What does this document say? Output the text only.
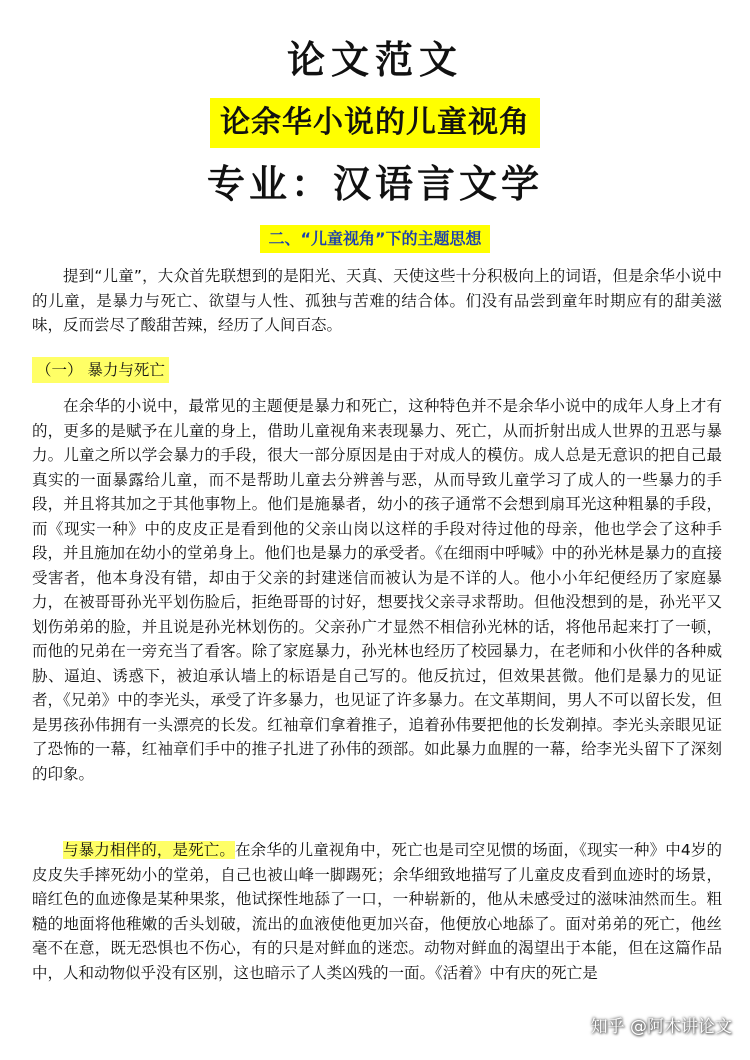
论文范文
论余华小说的儿童视角
专业：汉语言文学
二、“儿童视角”下的主题思想

提到“儿童”，大众首先联想到的是阳光、天真、天使这些十分积极向上的词语，但是余华小说中的儿童，是暴力与死亡、欲望与人性、孤独与苦难的结合体。们没有品尝到童年时期应有的甜美滋味，反而尝尽了酸甜苦辣，经历了人间百态。

（一） 暴力与死亡

在余华的小说中，最常见的主题便是暴力和死亡，这种特色并不是余华小说中的成年人身上才有的，更多的是赋予在儿童的身上，借助儿童视角来表现暴力、死亡，从而折射出成人世界的丑恶与暴力。儿童之所以学会暴力的手段，很大一部分原因是由于对成人的模仿。成人总是无意识的把自己最真实的一面暴露给儿童，而不是帮助儿童去分辨善与恶，从而导致儿童学习了成人的一些暴力的手段，并且将其加之于其他事物上。他们是施暴者，幼小的孩子通常不会想到扇耳光这种粗暴的手段，而《现实一种》中的皮皮正是看到他的父亲山岗以这样的手段对待过他的母亲，他也学会了这种手段，并且施加在幼小的堂弟身上。他们也是暴力的承受者。《在细雨中呼喊》中的孙光林是暴力的直接受害者，他本身没有错，却由于父亲的封建迷信而被认为是不详的人。他小小年纪便经历了家庭暴力，在被哥哥孙光平划伤脸后，拒绝哥哥的讨好，想要找父亲寻求帮助。但他没想到的是，孙光平又划伤弟弟的脸，并且说是孙光林划伤的。父亲孙广才显然不相信孙光林的话，将他吊起来打了一顿，而他的兄弟在一旁充当了看客。除了家庭暴力，孙光林也经历了校园暴力，在老师和小伙伴的各种威胁、逼迫、诱惑下，被迫承认墙上的标语是自己写的。他反抗过，但效果甚微。他们是暴力的见证者，《兄弟》中的李光头，承受了许多暴力，也见证了许多暴力。在文革期间，男人不可以留长发，但是男孩孙伟拥有一头漂亮的长发。红袖章们拿着推子，追着孙伟要把他的长发剃掉。李光头亲眼见证了恐怖的一幕，红袖章们手中的推子扎进了孙伟的颈部。如此暴力血腥的一幕，给李光头留下了深刻的印象。

与暴力相伴的，是死亡。在余华的儿童视角中，死亡也是司空见惯的场面，《现实一种》中4岁的皮皮失手摔死幼小的堂弟，自己也被山峰一脚踢死；余华细致地描写了儿童皮皮看到血迹时的场景，暗红色的血迹像是某种果浆，他试探性地舔了一口，一种崭新的，他从未感受过的滋味油然而生。粗糙的地面将他稚嫩的舌头划破，流出的血液使他更加兴奋，他便放心地舔了。面对弟弟的死亡，他丝毫不在意，既无恐惧也不伤心，有的只是对鲜血的迷恋。动物对鲜血的渴望出于本能，但在这篇作品中，人和动物似乎没有区别，这也暗示了人类凶残的一面。《活着》中有庆的死亡是

知乎 @阿木讲论文
